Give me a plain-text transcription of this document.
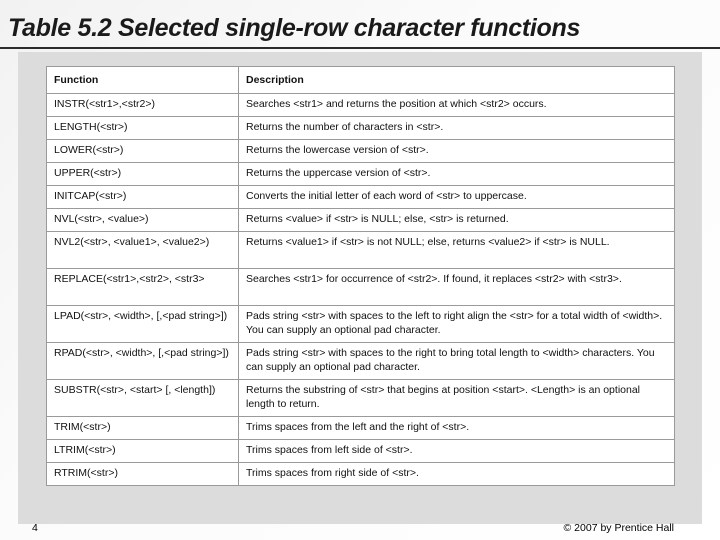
Table 5.2 Selected single-row character functions
Function	Description
INSTR(<str1>,<str2>)	Searches <str1> and returns the position at which <str2> occurs.
LENGTH(<str>)	Returns the number of characters in <str>.
LOWER(<str>)	Returns the lowercase version of <str>.
UPPER(<str>)	Returns the uppercase version of <str>.
INITCAP(<str>)	Converts the initial letter of each word of <str> to uppercase.
NVL(<str>, <value>)	Returns <value> if <str> is NULL; else, <str> is returned.
NVL2(<str>, <value1>, <value2>)	Returns <value1> if <str> is not NULL; else, returns <value2> if <str> is NULL.
REPLACE(<str1>,<str2>, <str3>	Searches <str1> for occurrence of <str2>. If found, it replaces <str2> with <str3>.
LPAD(<str>, <width>, [,<pad string>])	Pads string <str> with spaces to the left to right align the <str> for a total width of <width>. You can supply an optional pad character.
RPAD(<str>, <width>, [,<pad string>])	Pads string <str> with spaces to the right to bring total length to <width> characters. You can supply an optional pad character.
SUBSTR(<str>, <start> [, <length])	Returns the substring of <str> that begins at position <start>. <Length> is an optional length to return.
TRIM(<str>)	Trims spaces from the left and the right of <str>.
LTRIM(<str>)	Trims spaces from left side of <str>.
RTRIM(<str>)	Trims spaces from right side of <str>.
4	© 2007 by Prentice Hall
